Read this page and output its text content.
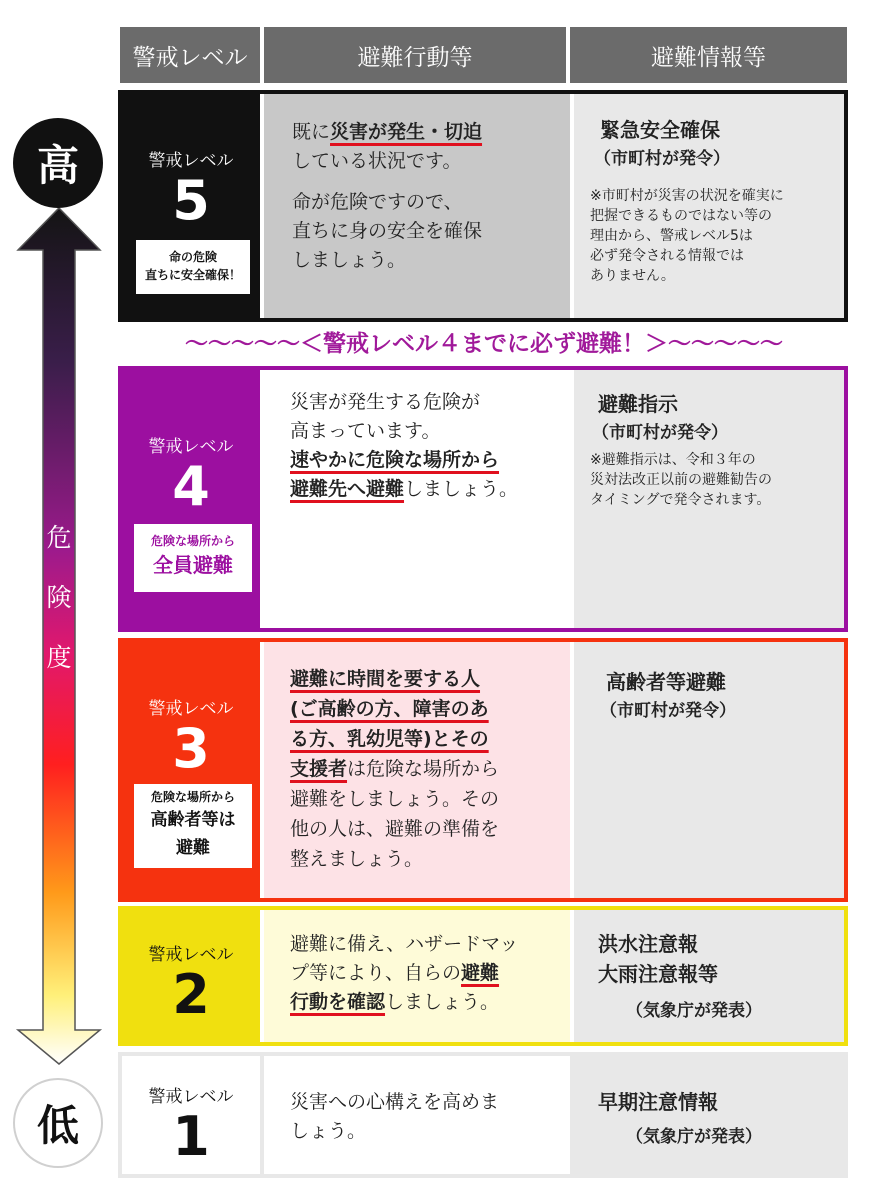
高
低
危
険
度
警戒レベル	避難行動等	避難情報等
警戒レベル
5
命の危険
直ちに安全確保！

既に災害が発生・切迫

している状況です。

命が危険ですので、

直ちに身の安全を確保

しましょう。

緊急安全確保
（市町村が発令）
※市町村が災害の状況を確実に
把握できるものではない等の
理由から、警戒レベル5は
必ず発令される情報では
ありません。
〜〜〜〜〜＜警戒レベル４までに必ず避難！＞〜〜〜〜〜
警戒レベル
4
危険な場所から
全員避難

災害が発生する危険が

高まっています。

速やかに危険な場所から

避難先へ避難しましょう。

避難指示
（市町村が発令）
※避難指示は、令和３年の
災対法改正以前の避難勧告の
タイミングで発令されます。
警戒レベル
3
危険な場所から
高齢者等は
避難

避難に時間を要する人

(ご高齢の方、障害のあ

る方、乳幼児等)とその

支援者は危険な場所から

避難をしましょう。その

他の人は、避難の準備を

整えましょう。

高齢者等避難
（市町村が発令）
警戒レベル
2

避難に備え、ハザードマッ

プ等により、自らの避難

行動を確認しましょう。

洪水注意報
大雨注意報等
（気象庁が発表）
警戒レベル
1

災害への心構えを高めま

しょう。

早期注意情報
（気象庁が発表）
